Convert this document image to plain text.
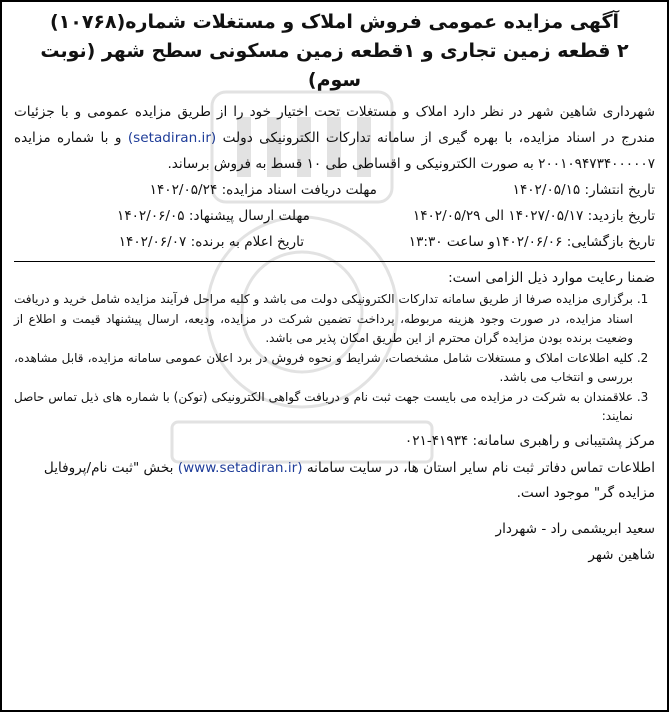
آگهی مزایده عمومی فروش املاک و مستغلات شماره(۱۰۷۶۸)
۲ قطعه زمین تجاری و ۱قطعه زمین مسکونی سطح شهر (نوبت سوم)

شهرداری شاهین شهر در نظر دارد املاک و مستغلات تحت اختیار خود را از طریق مزایده عمومی و با جزئیات مندرج در اسناد مزایده، با بهره گیری از سامانه تدارکات الکترونیکی دولت (setadiran.ir) و با شماره مزایده ۲۰۰۱۰۹۴۷۳۴۰۰۰۰۰۷ به صورت الکترونیکی و اقساطی طی ۱۰ قسط به فروش برساند.

تاریخ انتشار: ۱۴۰۲/۰۵/۱۵
مهلت دریافت اسناد مزایده: ۱۴۰۲/۰۵/۲۴
تاریخ بازدید: ۱۴۰۲۷/۰۵/۱۷ الی ۱۴۰۲/۰۵/۲۹
مهلت ارسال پیشنهاد: ۱۴۰۲/۰۶/۰۵
تاریخ بازگشایی: ۱۴۰۲/۰۶/۰۶و ساعت ۱۳:۳۰
تاریخ اعلام به برنده: ۱۴۰۲/۰۶/۰۷

ضمنا رعایت موارد ذیل الزامی است:

1. برگزاری مزایده صرفا از طریق سامانه تدارکات الکترونیکی دولت می باشد و کلیه مراحل فرآیند مزایده شامل خرید و دریافت اسناد مزایده، در صورت وجود هزینه مربوطه، پرداخت تضمین شرکت در مزایده، ودیعه، ارسال پیشنهاد قیمت و اطلاع از وضعیت برنده بودن مزایده گران محترم از این طریق امکان پذیر می باشد.
2. کلیه اطلاعات املاک و مستغلات شامل مشخصات، شرایط و نحوه فروش در برد اعلان عمومی سامانه مزایده، قابل مشاهده، بررسی و انتخاب می باشد.
3. علاقمندان به شرکت در مزایده می بایست جهت ثبت نام و دریافت گواهی الکترونیکی (توکن) با شماره های ذیل تماس حاصل نمایند:

مرکز پشتیبانی و راهبری سامانه: ۴۱۹۳۴-۰۲۱

اطلاعات تماس دفاتر ثبت نام سایر استان ها، در سایت سامانه (www.setadiran.ir) بخش "ثبت نام/پروفایل مزایده گر" موجود است.

سعید ابریشمی راد - شهردار شاهین شهر
